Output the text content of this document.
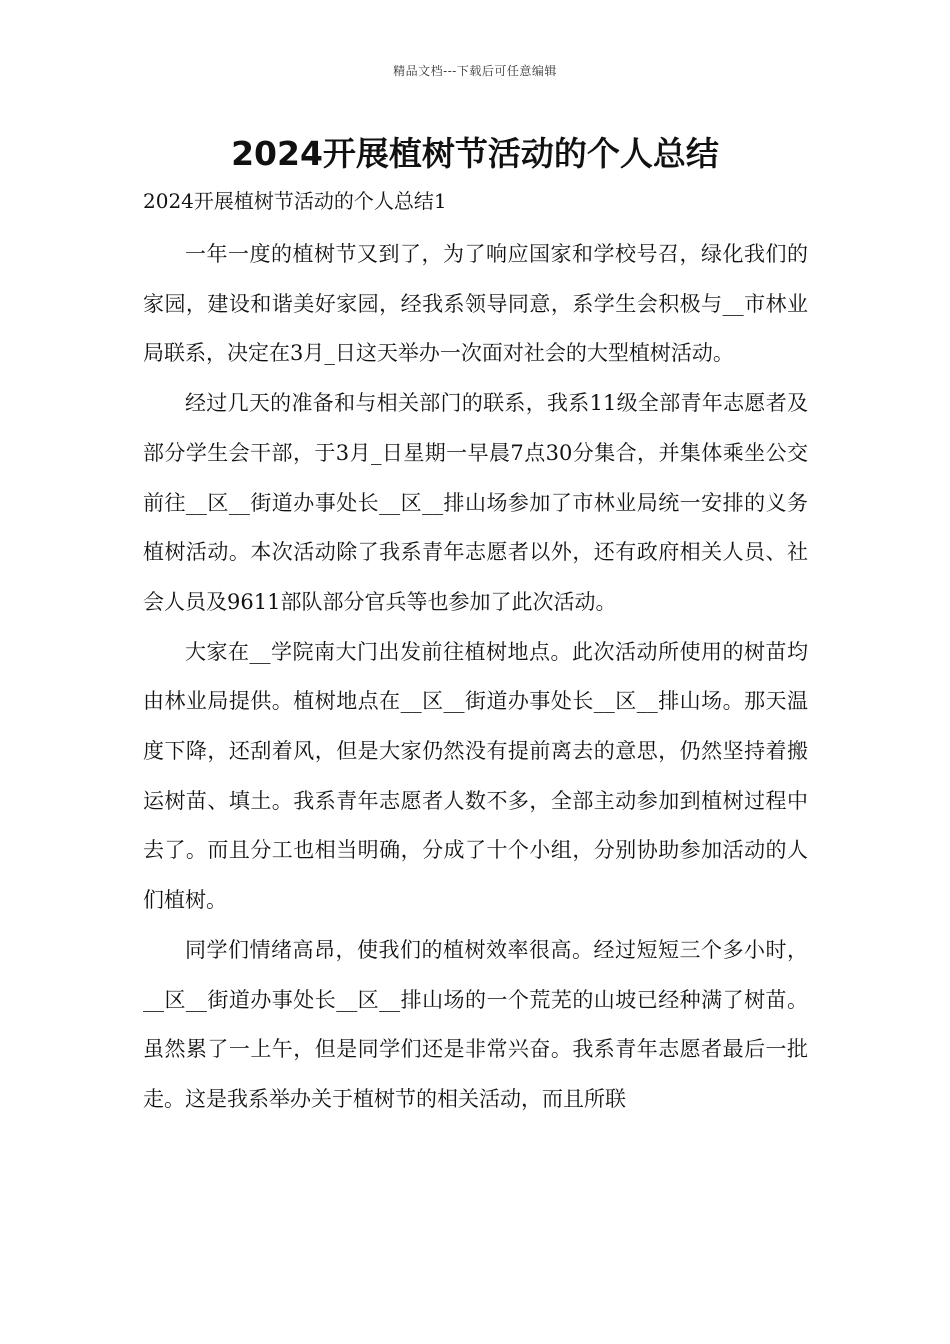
精品文档---下载后可任意编辑
2024开展植树节活动的个人总结
2024开展植树节活动的个人总结1

一年一度的植树节又到了，为了响应国家和学校号召，绿化我们的家园，建设和谐美好家园，经我系领导同意，系学生会积极与__市林业局联系，决定在3月_日这天举办一次面对社会的大型植树活动。

经过几天的准备和与相关部门的联系，我系11级全部青年志愿者及部分学生会干部，于3月_日星期一早晨7点30分集合，并集体乘坐公交前往__区__街道办事处长__区__排山场参加了市林业局统一安排的义务植树活动。本次活动除了我系青年志愿者以外，还有政府相关人员、社会人员及9611部队部分官兵等也参加了此次活动。

大家在__学院南大门出发前往植树地点。此次活动所使用的树苗均由林业局提供。植树地点在__区__街道办事处长__区__排山场。那天温度下降，还刮着风，但是大家仍然没有提前离去的意思，仍然坚持着搬运树苗、填土。我系青年志愿者人数不多，全部主动参加到植树过程中去了。而且分工也相当明确，分成了十个小组，分别协助参加活动的人们植树。

同学们情绪高昂，使我们的植树效率很高。经过短短三个多小时，__区__街道办事处长__区__排山场的一个荒芜的山坡已经种满了树苗。虽然累了一上午，但是同学们还是非常兴奋。我系青年志愿者最后一批走。这是我系举办关于植树节的相关活动，而且所联
